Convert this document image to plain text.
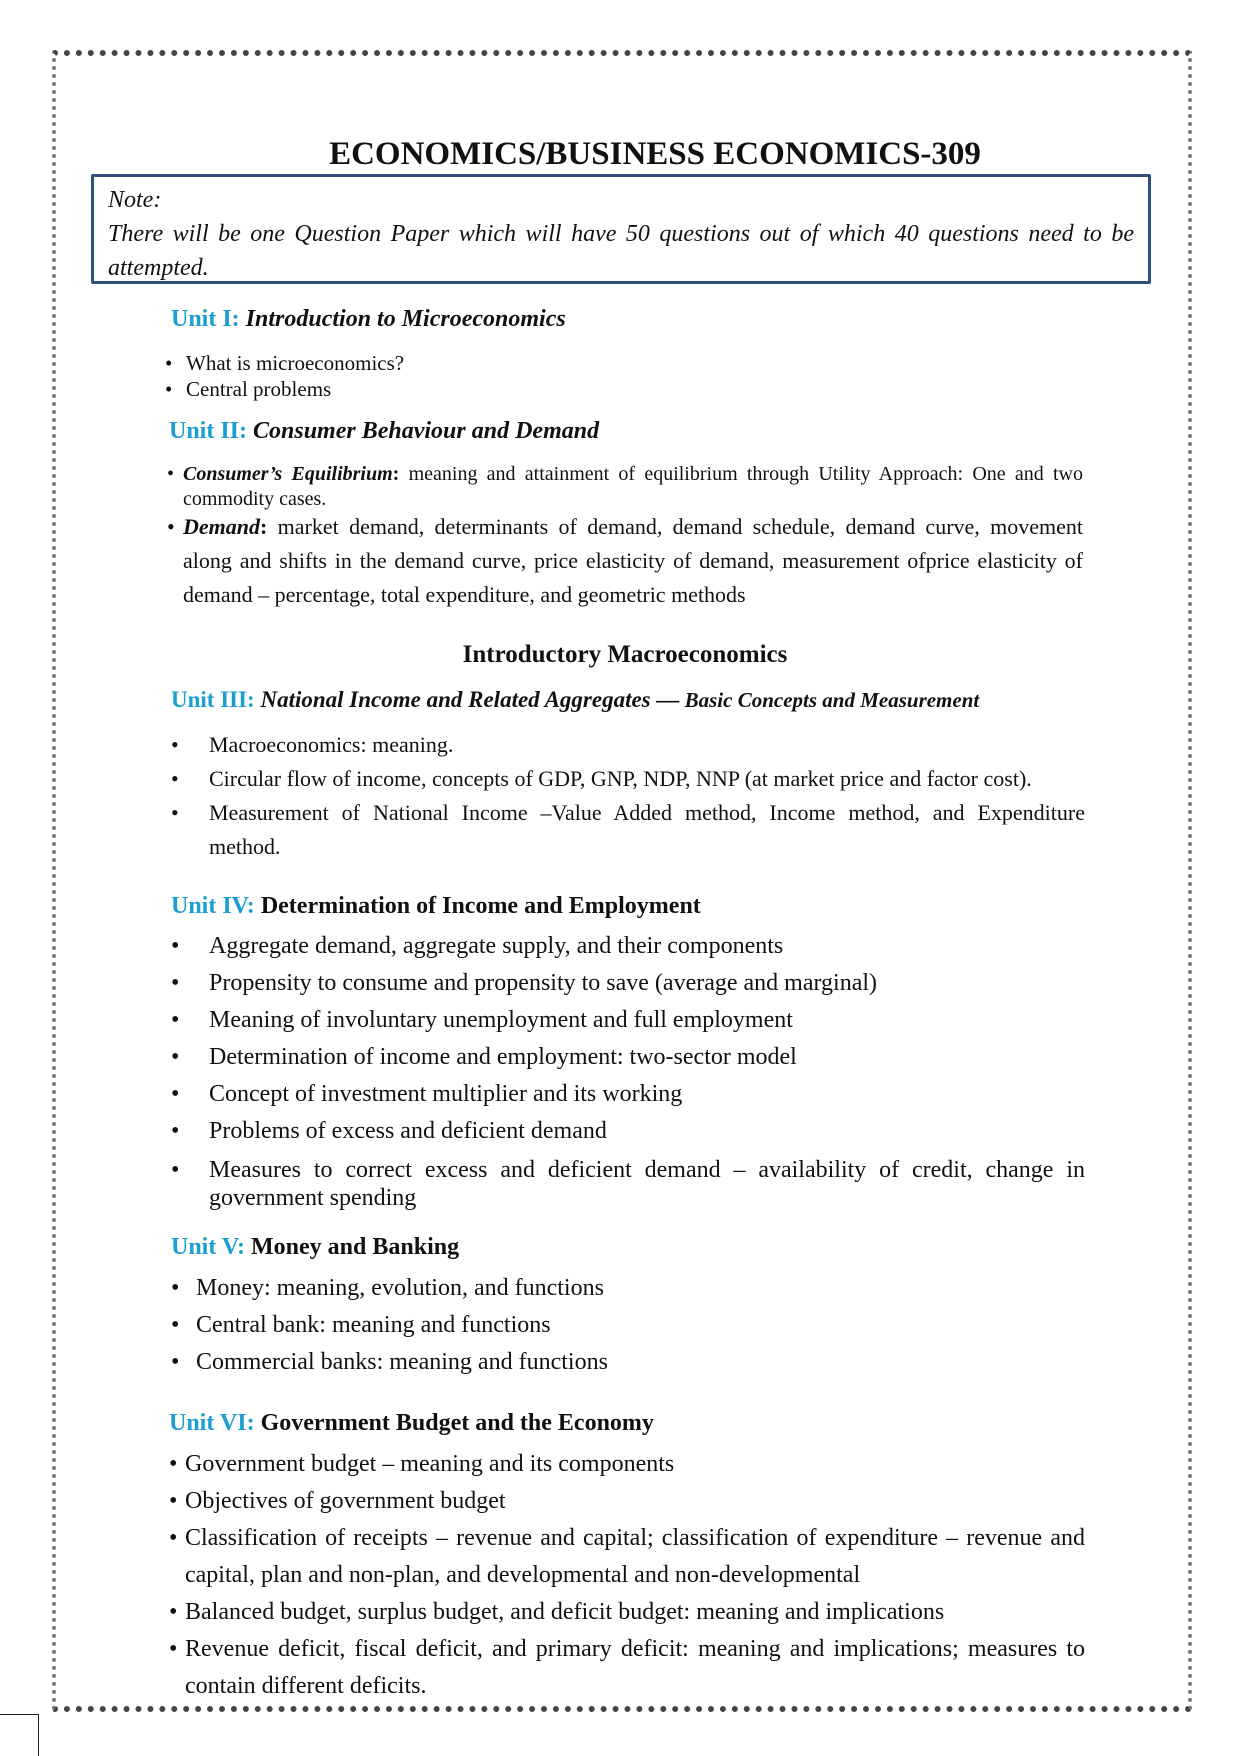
ECONOMICS/BUSINESS ECONOMICS-309
Note:
There will be one Question Paper which will have 50 questions out of which 40 questions need to be attempted.

Unit I: Introduction to Microeconomics

• What is microeconomics?
• Central problems

Unit II: Consumer Behaviour and Demand

• Consumer’s Equilibrium: meaning and attainment of equilibrium through Utility Approach: One and two commodity cases.
• Demand: market demand, determinants of demand, demand schedule, demand curve, movement along and shifts in the demand curve, price elasticity of demand, measurement ofprice elasticity of demand – percentage, total expenditure, and geometric methods
Introductory Macroeconomics

Unit III: National Income and Related Aggregates — Basic Concepts and Measurement

• Macroeconomics: meaning.
• Circular flow of income, concepts of GDP, GNP, NDP, NNP (at market price and factor cost).
• Measurement of National Income –Value Added method, Income method, and Expenditure method.

Unit IV: Determination of Income and Employment

• Aggregate demand, aggregate supply, and their components
• Propensity to consume and propensity to save (average and marginal)
• Meaning of involuntary unemployment and full employment
• Determination of income and employment: two-sector model
• Concept of investment multiplier and its working
• Problems of excess and deficient demand
• Measures to correct excess and deficient demand – availability of credit, change in government spending

Unit V: Money and Banking

• Money: meaning, evolution, and functions
• Central bank: meaning and functions
• Commercial banks: meaning and functions

Unit VI: Government Budget and the Economy

• Government budget – meaning and its components
• Objectives of government budget
• Classification of receipts – revenue and capital; classification of expenditure – revenue and capital, plan and non-plan, and developmental and non-developmental
• Balanced budget, surplus budget, and deficit budget: meaning and implications
• Revenue deficit, fiscal deficit, and primary deficit: meaning and implications; measures to contain different deficits.
